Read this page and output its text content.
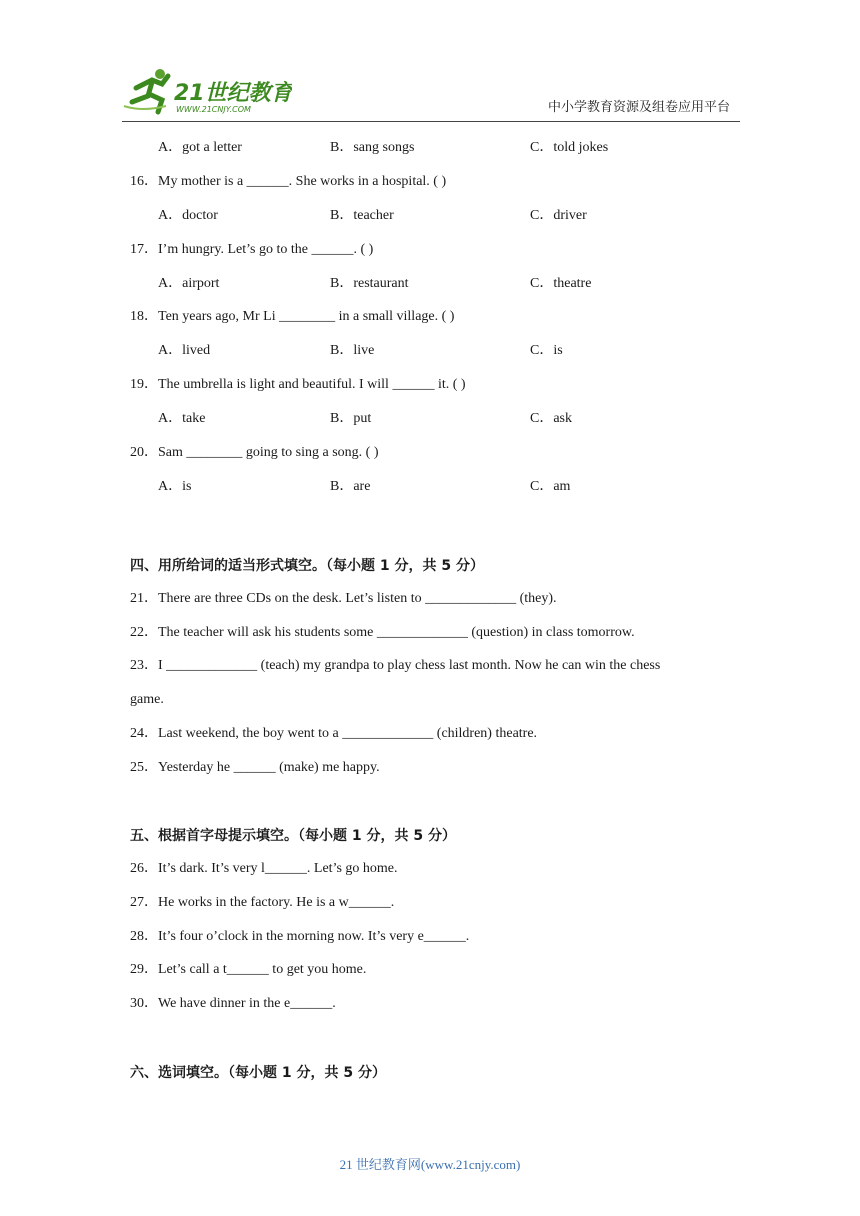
21世纪教育
WWW.21CNJY.COM	中小学教育资源及组卷应用平台
A．got a letter	B．sang songs	C．told jokes
16．My mother is a ______. She works in a hospital. ( )
A．doctor	B．teacher	C．driver
17．I’m hungry. Let’s go to the ______. ( )
A．airport	B．restaurant	C．theatre
18．Ten years ago, Mr Li ________ in a small village. ( )
A．lived	B．live	C．is
19．The umbrella is light and beautiful. I will ______ it. ( )
A．take	B．put	C．ask
20．Sam ________ going to sing a song. ( )
A．is	B．are	C．am
四、用所给词的适当形式填空。（每小题 1 分，共 5 分）
21．There are three CDs on the desk. Let’s listen to _____________ (they).
22．The teacher will ask his students some _____________ (question) in class tomorrow.
23．I _____________ (teach) my grandpa to play chess last month. Now he can win the chess
game.
24．Last weekend, the boy went to a _____________ (children) theatre.
25．Yesterday he ______ (make) me happy.
五、根据首字母提示填空。（每小题 1 分，共 5 分）
26．It’s dark. It’s very l______. Let’s go home.
27．He works in the factory. He is a w______.
28．It’s four o’clock in the morning now. It’s very e______.
29．Let’s call a t______ to get you home.
30．We have dinner in the e______.
六、选词填空。（每小题 1 分，共 5 分）
21 世纪教育网(www.21cnjy.com)
